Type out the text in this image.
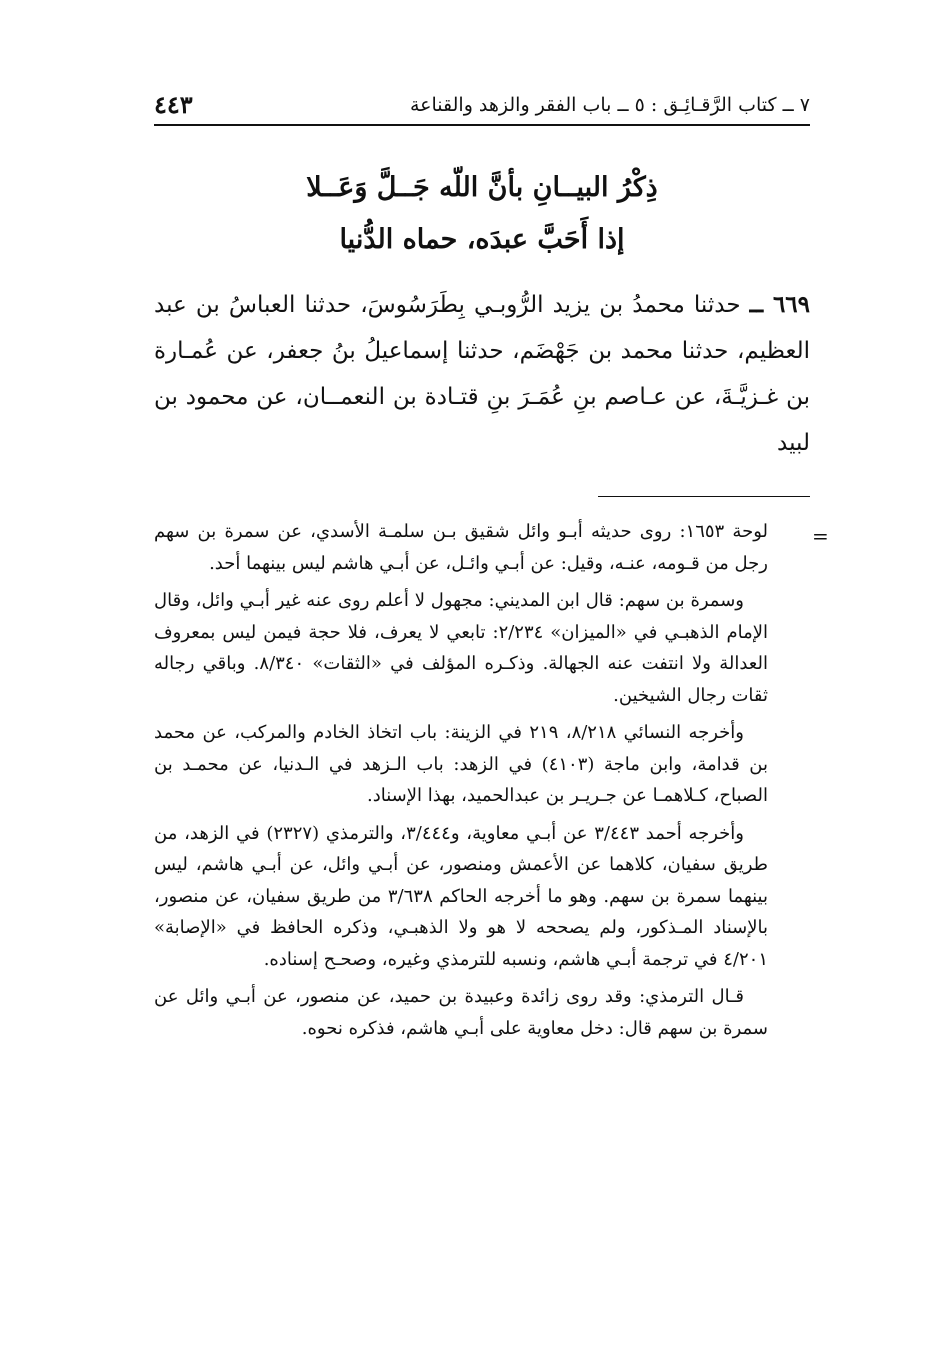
٧ ــ كتاب الرَّقـائِـق : ٥ ــ باب الفقر والزهد والقناعة
٤٤٣
ذِكْرُ البيــانِ بأنَّ اللّه جَــلَّ وَعَــلا
إذا أَحَبَّ عبدَه، حماه الدُّنيا
٦٦٩ ــ حدثنا محمدُ بن يزيد الرُّوبـي بِطَرَسُوسَ، حدثنا العباسُ بن عبد العظيم، حدثنا محمد بن جَهْضَم، حدثنا إسماعيلُ بنُ جعفر، عن عُمـارة بن غـزيَّـةَ، عن عـاصم بنِ عُمَـرَ بنِ قتـادة بن النعمــان، عن محمود بن لبيد
=

لوحة ١٦٥٣: روى حديثه أبـو وائل شقيق بـن سلمـة الأسدي، عن سمرة بن سهم رجل من قـومه، عنـه، وقيل: عن أبـي وائـل، عن أبـي هاشم ليس بينهما أحد.

وسمرة بن سهم: قال ابن المديني: مجهول لا أعلم روى عنه غير أبـي وائل، وقال الإمام الذهبـي في «الميزان» ٢/٢٣٤: تابعي لا يعرف، فلا حجة فيمن ليس بمعروف العدالة ولا انتفت عنه الجهالة. وذكـره المؤلف في «الثقات» ٨/٣٤٠. وباقي رجاله ثقات رجال الشيخين.

وأخرجه النسائي ٨/٢١٨، ٢١٩ في الزينة: باب اتخاذ الخادم والمركب، عن محمد بن قدامة، وابن ماجة (٤١٠٣) في الزهد: باب الـزهد في الـدنيا، عن محمـد بن الصباح، كـلاهمـا عن جـريـر بن عبدالحميد، بهذا الإسناد.

وأخرجه أحمد ٣/٤٤٣ عن أبـي معاوية، و٣/٤٤٤، والترمذي (٢٣٢٧) في الزهد، من طريق سفيان، كلاهما عن الأعمش ومنصور، عن أبـي وائل، عن أبـي هاشم، ليس بينهما سمرة بن سهم. وهو ما أخرجه الحاكم ٣/٦٣٨ من طريق سفيان، عن منصور، بالإسناد المـذكور، ولم يصححه لا هو ولا الذهبـي، وذكره الحافظ في «الإصابة» ٤/٢٠١ في ترجمة أبـي هاشم، ونسبه للترمذي وغيره، وصحـح إسناده.

قـال الترمذي: وقد روى زائدة وعبيدة بن حميد، عن منصور، عن أبـي وائل عن سمرة بن سهم قال: دخل معاوية على أبـي هاشم، فذكره نحوه.
